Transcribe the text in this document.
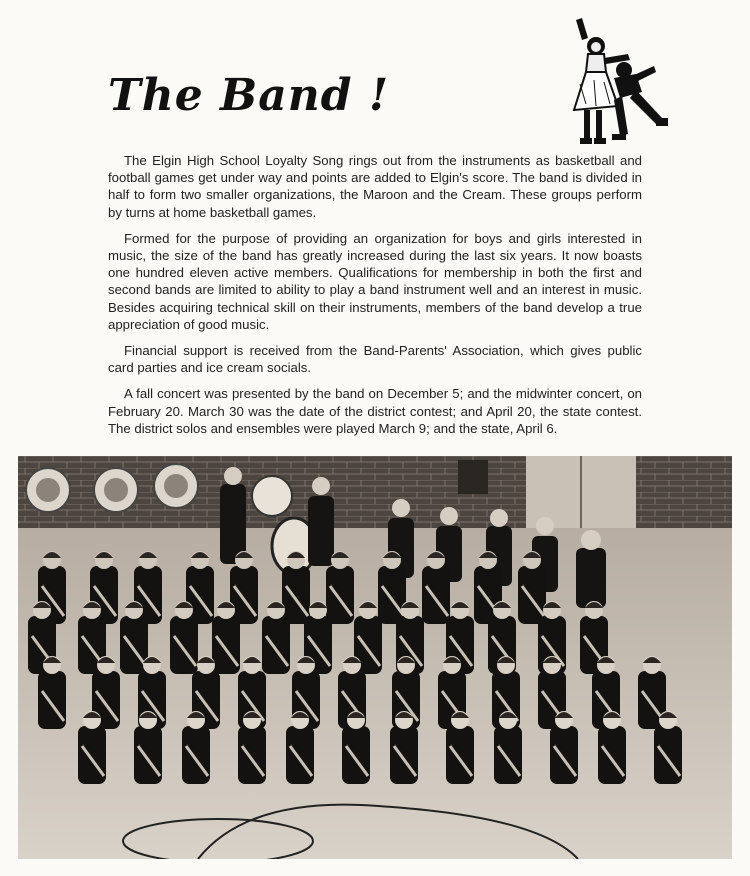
The Band !

The Elgin High School Loyalty Song rings out from the instruments as basketball and football games get under way and points are added to Elgin's score. The band is divided in half to form two smaller organizations, the Maroon and the Cream. These groups perform by turns at home basketball games.

Formed for the purpose of providing an organization for boys and girls interested in music, the size of the band has greatly increased during the last six years. It now boasts one hundred eleven active members. Qualifications for membership in both the first and second bands are limited to ability to play a band instrument well and an interest in music. Besides acquiring technical skill on their instruments, members of the band develop a true appreciation of good music.

Financial support is received from the Band-Parents' Association, which gives public card parties and ice cream socials.

A fall concert was presented by the band on December 5; and the midwinter concert, on February 20. March 30 was the date of the district contest; and April 20, the state contest. The district solos and ensembles were played March 9; and the state, April 6.
